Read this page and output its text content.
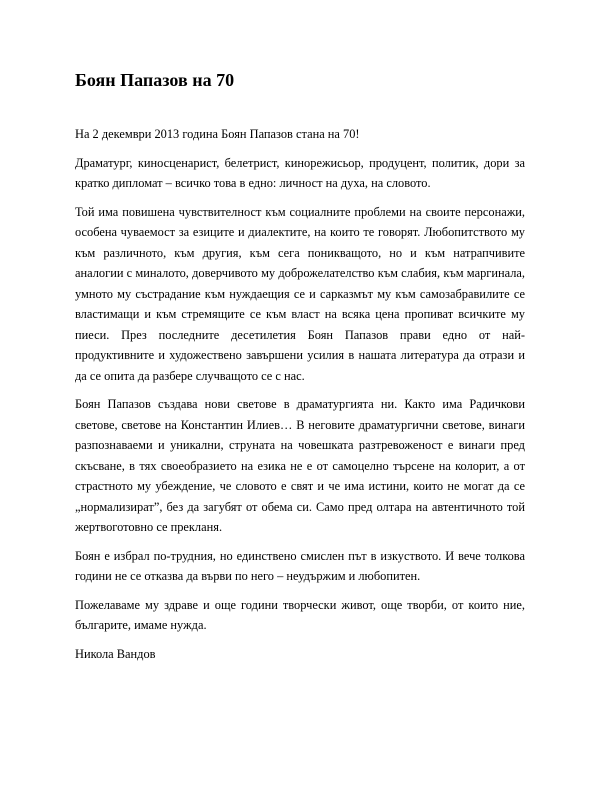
Боян Папазов на 70

На 2 декември 2013 година Боян Папазов стана на 70!

Драматург, киносценарист, белетрист, кинорежисьор, продуцент, политик, дори за кратко дипломат – всичко това в едно: личност на духа, на словото.

Той има повишена чувствителност към социалните проблеми на своите персонажи, особена чуваемост за езиците и диалектите, на които те говорят. Любопитството му към различното, към другия, към сега поникващото, но и към натрапчивите аналогии с миналото, доверчивото му доброжелателство към слабия, към маргинала, умното му състрадание към нуждаещия се и сарказмът му към самозабравилите се властимащи и към стремящите се към власт на всяка цена пропиват всичките му пиеси. През последните десетилетия Боян Папазов прави едно от най-продуктивните и художествено завършени усилия в нашата литература да отрази и да се опита да разбере случващото се с нас.

Боян Папазов създава нови светове в драматургията ни. Както има Радичкови светове, светове на Константин Илиев… В неговите драматургични светове, винаги разпознаваеми и уникални, струната на човешката разтревоженост е винаги пред скъсване, в тях своеобразието на езика не е от самоцелно търсене на колорит, а от страстното му убеждение, че словото е свят и че има истини, които не могат да се „нормализират”, без да загубят от обема си. Само пред олтара на автентичното той жертвоготовно се прекланя.

Боян е избрал по-трудния, но единствено смислен път в изкуството. И вече толкова години не се отказва да върви по него – неудържим и любопитен.

Пожелаваме му здраве и още години творчески живот, още творби, от които ние, българите, имаме нужда.

Никола Вандов
